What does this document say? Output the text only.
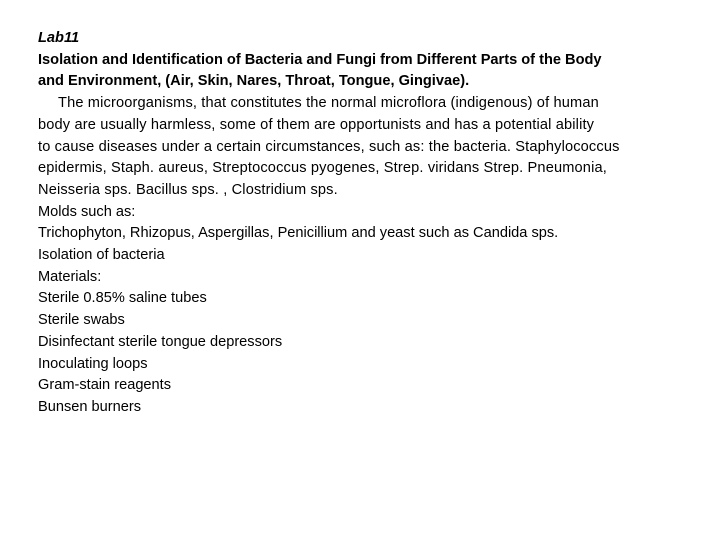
Lab11
Isolation and Identification of Bacteria and Fungi from Different Parts of the Body
and Environment, (Air, Skin, Nares, Throat, Tongue, Gingivae).
The microorganisms, that constitutes the normal microflora (indigenous) of human
body are usually harmless, some of them are opportunists and has a potential ability
to cause diseases under a certain circumstances, such as: the bacteria. Staphylococcus
epidermis, Staph. aureus, Streptococcus pyogenes, Strep. viridans Strep. Pneumonia,
Neisseria sps. Bacillus sps. , Clostridium sps.
Molds such as:
Trichophyton, Rhizopus, Aspergillas, Penicillium and yeast such as Candida sps.
Isolation of bacteria
Materials:
Sterile 0.85% saline tubes
Sterile swabs
Disinfectant sterile tongue depressors
Inoculating loops
Gram-stain reagents
Bunsen burners
